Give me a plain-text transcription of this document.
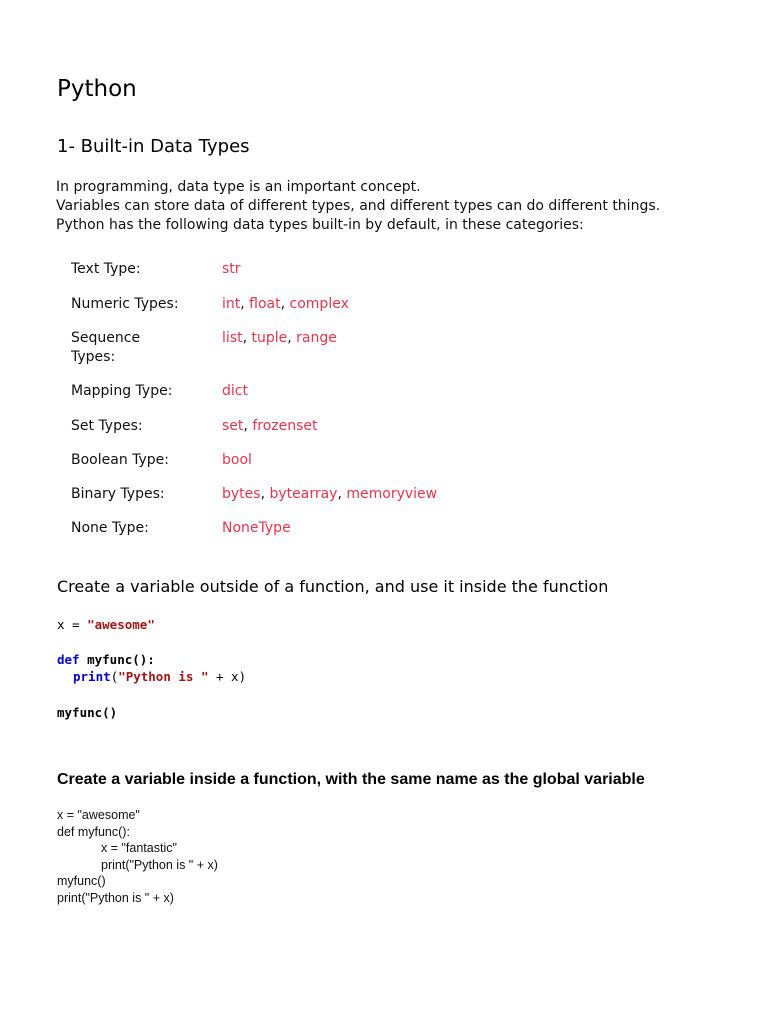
Python
1- Built-in Data Types
In programming, data type is an important concept.
Variables can store data of different types, and different types can do different things.
Python has the following data types built-in by default, in these categories:
Text Type:	str
Numeric Types:	int, float, complex
Sequence Types:
list, tuple, range
Mapping Type:	dict
Set Types:	set, frozenset
Boolean Type:	bool
Binary Types:	bytes, bytearray, memoryview
None Type:	NoneType
Create a variable outside of a function, and use it inside the function
x = "awesome"
def myfunc():
print("Python is " + x)
myfunc()
Create a variable inside a function, with the same name as the global variable
x = "awesome"
def myfunc():
x = "fantastic"
print("Python is " + x)
myfunc()
print("Python is " + x)
